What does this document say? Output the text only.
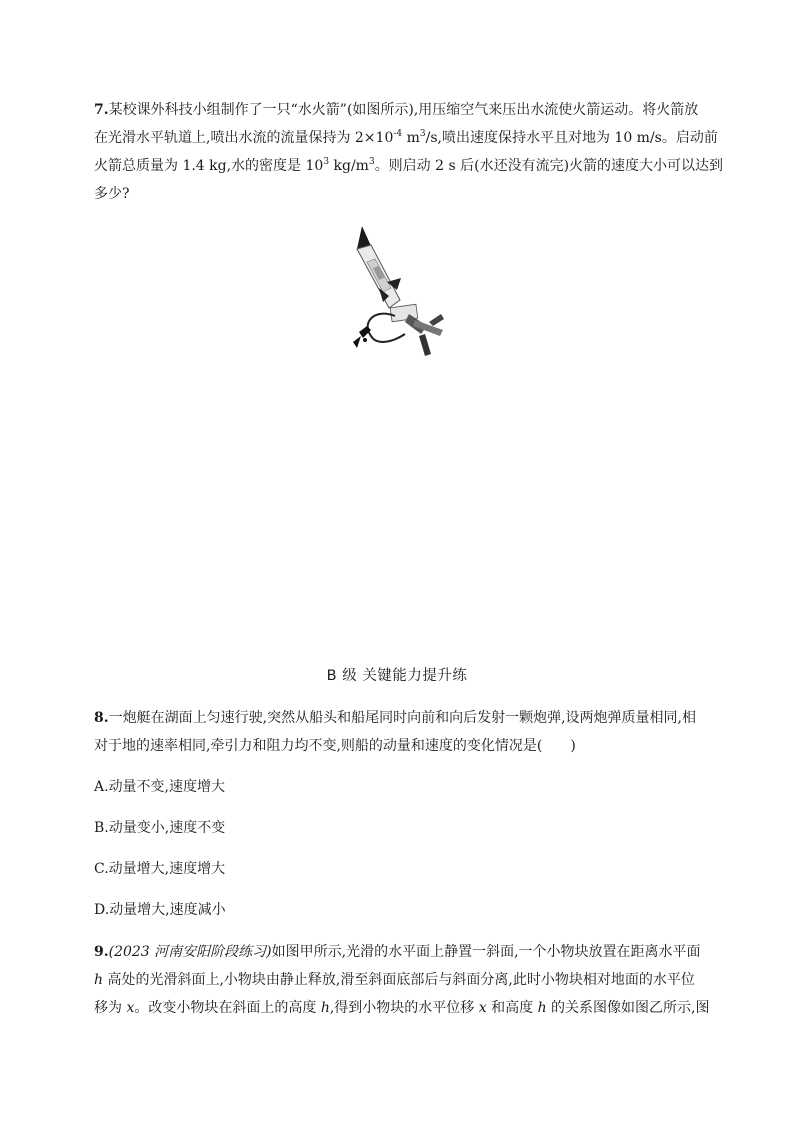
7.某校课外科技小组制作了一只“水火箭”(如图所示),用压缩空气来压出水流使火箭运动。将火箭放
在光滑水平轨道上,喷出水流的流量保持为 $2\times 10^{-4}$ $m^3/s$,喷出速度保持水平且对地为 10 m/s。启动前
火箭总质量为 1.4 kg,水的密度是 $10^3$ $kg/m^3$。则启动 2 s 后(水还没有流完)火箭的速度大小可以达到
多少?

B 级 关键能力提升练

8.一炮艇在湖面上匀速行驶,突然从船头和船尾同时向前和向后发射一颗炮弹,设两炮弹质量相同,相
对于地的速率相同,牵引力和阻力均不变,则船的动量和速度的变化情况是(　　)

A.动量不变,速度增大
B.动量变小,速度不变
C.动量增大,速度增大
D.动量增大,速度减小

9.(2023 河南安阳阶段练习)如图甲所示,光滑的水平面上静置一斜面,一个小物块放置在距离水平面
h 高处的光滑斜面上,小物块由静止释放,滑至斜面底部后与斜面分离,此时小物块相对地面的水平位
移为 x。改变小物块在斜面上的高度 h,得到小物块的水平位移 x 和高度 h 的关系图像如图乙所示,图
